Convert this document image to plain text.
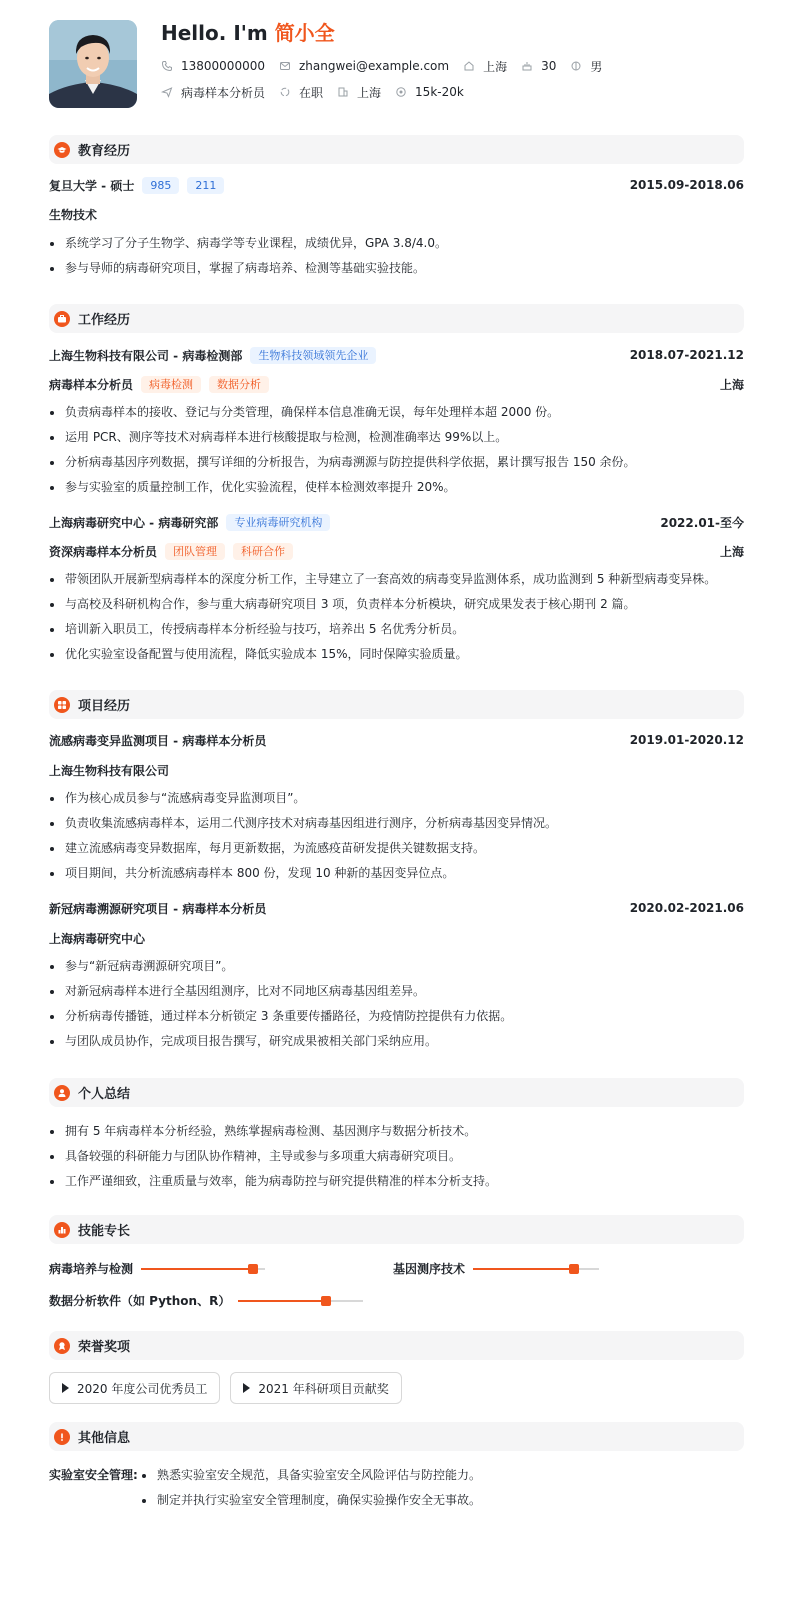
Hello. I'm 简小全
13800000000	zhangwei@example.com	上海	30	男
病毒样本分析员	在职	上海	15k-20k
教育经历
复旦大学 - 硕士	985	211	2015.09-2018.06
生物技术
系统学习了分子生物学、病毒学等专业课程，成绩优异，GPA 3.8/4.0。
参与导师的病毒研究项目，掌握了病毒培养、检测等基础实验技能。
工作经历
上海生物科技有限公司 - 病毒检测部	生物科技领域领先企业	2018.07-2021.12
病毒样本分析员	病毒检测	数据分析	上海
负责病毒样本的接收、登记与分类管理，确保样本信息准确无误，每年处理样本超 2000 份。
运用 PCR、测序等技术对病毒样本进行核酸提取与检测，检测准确率达 99%以上。
分析病毒基因序列数据，撰写详细的分析报告，为病毒溯源与防控提供科学依据，累计撰写报告 150 余份。
参与实验室的质量控制工作，优化实验流程，使样本检测效率提升 20%。
上海病毒研究中心 - 病毒研究部	专业病毒研究机构	2022.01-至今
资深病毒样本分析员	团队管理	科研合作	上海
带领团队开展新型病毒样本的深度分析工作，主导建立了一套高效的病毒变异监测体系，成功监测到 5 种新型病毒变异株。
与高校及科研机构合作，参与重大病毒研究项目 3 项，负责样本分析模块，研究成果发表于核心期刊 2 篇。
培训新入职员工，传授病毒样本分析经验与技巧，培养出 5 名优秀分析员。
优化实验室设备配置与使用流程，降低实验成本 15%，同时保障实验质量。
项目经历
流感病毒变异监测项目 - 病毒样本分析员	2019.01-2020.12
上海生物科技有限公司
作为核心成员参与“流感病毒变异监测项目”。
负责收集流感病毒样本，运用二代测序技术对病毒基因组进行测序，分析病毒基因变异情况。
建立流感病毒变异数据库，每月更新数据，为流感疫苗研发提供关键数据支持。
项目期间，共分析流感病毒样本 800 份，发现 10 种新的基因变异位点。
新冠病毒溯源研究项目 - 病毒样本分析员	2020.02-2021.06
上海病毒研究中心
参与“新冠病毒溯源研究项目”。
对新冠病毒样本进行全基因组测序，比对不同地区病毒基因组差异。
分析病毒传播链，通过样本分析锁定 3 条重要传播路径，为疫情防控提供有力依据。
与团队成员协作，完成项目报告撰写，研究成果被相关部门采纳应用。
个人总结
拥有 5 年病毒样本分析经验，熟练掌握病毒检测、基因测序与数据分析技术。
具备较强的科研能力与团队协作精神，主导或参与多项重大病毒研究项目。
工作严谨细致，注重质量与效率，能为病毒防控与研究提供精准的样本分析支持。
技能专长
病毒培养与检测	基因测序技术
数据分析软件（如 Python、R）
荣誉奖项
2020 年度公司优秀员工	2021 年科研项目贡献奖
其他信息
实验室安全管理:	熟悉实验室安全规范，具备实验室安全风险评估与防控能力。
制定并执行实验室安全管理制度，确保实验操作安全无事故。
